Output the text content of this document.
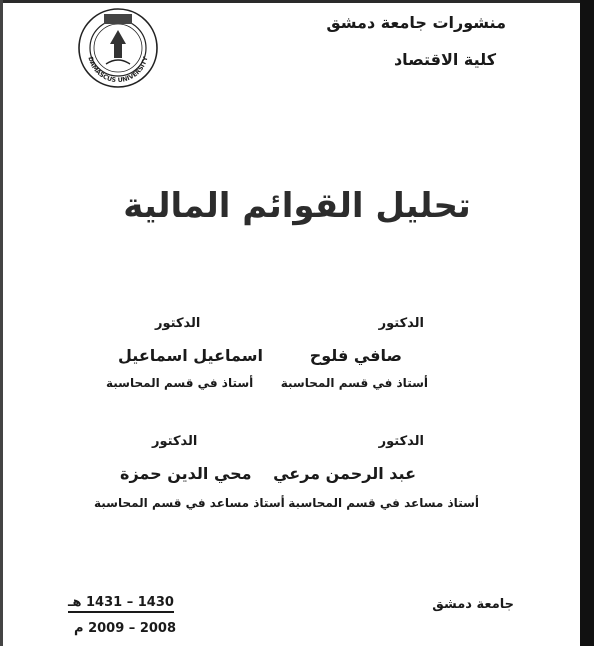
DAMASCUS UNIVERSITY
منشورات جامعة دمشق
كلية الاقتصاد
تحليل القوائم المالية
الدكتور
صافي فلوح
أستاذ في قسم المحاسبة
الدكتور
اسماعيل اسماعيل
أستاذ في قسم المحاسبة
الدكتور
عبد الرحمن مرعي
أستاذ مساعد في قسم المحاسبة
الدكتور
محي الدين حمزة
أستاذ مساعد في قسم المحاسبة
جامعة دمشق
1430 – 1431 هـ
2008 – 2009 م
